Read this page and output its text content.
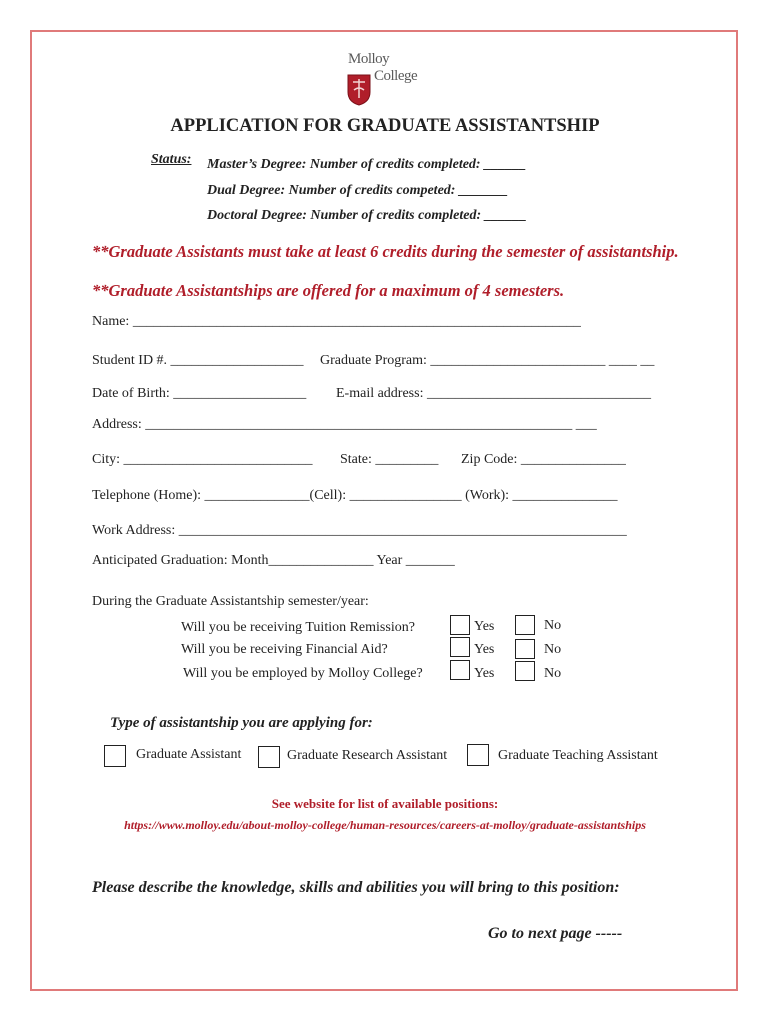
Molloy
College
APPLICATION FOR GRADUATE ASSISTANTSHIP
Status: Master’s Degree: Number of credits completed: ______
Dual Degree: Number of credits competed: _______
Doctoral Degree: Number of credits completed: ______
**Graduate Assistants must take at least 6 credits during the semester of assistantship.
**Graduate Assistantships are offered for a maximum of 4 semesters.
Name: ________________________________________________________________
Student ID #. ___________________ Graduate Program: _________________________ ____ __
Date of Birth: ___________________ E-mail address: ________________________________
Address: _____________________________________________________________ ___
City: ___________________________ State: _________ Zip Code: _______________
Telephone (Home): _______________(Cell): ________________ (Work): _______________
Work Address: ________________________________________________________________
Anticipated Graduation: Month_______________ Year _______
During the Graduate Assistantship semester/year:
Will you be receiving Tuition Remission?	Yes	No
Will you be receiving Financial Aid?	Yes	No
Will you be employed by Molloy College?	Yes	No
Type of assistantship you are applying for:
Graduate Assistant	Graduate Research Assistant	Graduate Teaching Assistant
See website for list of available positions:
https://www.molloy.edu/about-molloy-college/human-resources/careers-at-molloy/graduate-assistantships
Please describe the knowledge, skills and abilities you will bring to this position:
Go to next page -----
